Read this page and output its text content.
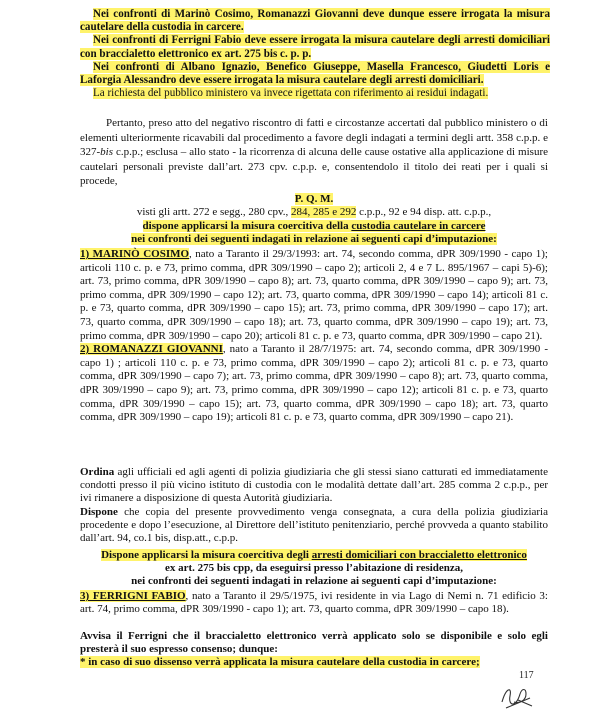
Nei confronti di Marinò Cosimo, Romanazzi Giovanni deve dunque essere irrogata la misura cautelare della custodia in carcere.

Nei confronti di Ferrigni Fabio deve essere irrogata la misura cautelare degli arresti domiciliari con braccialetto elettronico ex art. 275 bis c. p. p.

Nei confronti di Albano Ignazio, Benefico Giuseppe, Masella Francesco, Giudetti Loris e Laforgia Alessandro deve essere irrogata la misura cautelare degli arresti domiciliari.

La richiesta del pubblico ministero va invece rigettata con riferimento ai residui indagati.

Pertanto, preso atto del negativo riscontro di fatti e circostanze accertati dal pubblico ministero o di elementi ulteriormente ricavabili dal procedimento a favore degli indagati a termini degli artt. 358 c.p.p. e 327-bis c.p.p.; esclusa – allo stato - la ricorrenza di alcuna delle cause ostative alla applicazione di misure cautelari personali previste dall’art. 273 cpv. c.p.p. e, consentendolo il titolo dei reati per i quali si procede,

P. Q. M.
visti gli artt. 272 e segg., 280 cpv., 284, 285 e 292 c.p.p., 92 e 94 disp. att. c.p.p.,
dispone applicarsi la misura coercitiva della custodia cautelare in carcere
nei confronti dei seguenti indagati in relazione ai seguenti capi d’imputazione:

1) MARINÒ COSIMO, nato a Taranto il 29/3/1993: art. 74, secondo comma, dPR 309/1990 - capo 1); articoli 110 c. p. e 73, primo comma, dPR 309/1990 – capo 2); articoli 2, 4 e 7 L. 895/1967 – capi 5)-6); art. 73, primo comma, dPR 309/1990 – capo 8); art. 73, quarto comma, dPR 309/1990 – capo 9); art. 73, primo comma, dPR 309/1990 – capo 12); art. 73, quarto comma, dPR 309/1990 – capo 14); articoli 81 c. p. e 73, quarto comma, dPR 309/1990 – capo 15); art. 73, primo comma, dPR 309/1990 – capo 17); art. 73, quarto comma, dPR 309/1990 – capo 18); art. 73, quarto comma, dPR 309/1990 – capo 19); art. 73, primo comma, dPR 309/1990 – capo 20); articoli 81 c. p. e 73, quarto comma, dPR 309/1990 – capo 21).

2) ROMANAZZI GIOVANNI, nato a Taranto il 28/7/1975: art. 74, secondo comma, dPR 309/1990 - capo 1) ; articoli 110 c. p. e 73, primo comma, dPR 309/1990 – capo 2); articoli 81 c. p. e 73, quarto comma, dPR 309/1990 – capo 7); art. 73, primo comma, dPR 309/1990 – capo 8); art. 73, quarto comma, dPR 309/1990 – capo 9); art. 73, primo comma, dPR 309/1990 – capo 12); articoli 81 c. p. e 73, quarto comma, dPR 309/1990 – capo 15); art. 73, quarto comma, dPR 309/1990 – capo 18); art. 73, quarto comma, dPR 309/1990 – capo 19); articoli 81 c. p. e 73, quarto comma, dPR 309/1990 – capo 21).

Ordina agli ufficiali ed agli agenti di polizia giudiziaria che gli stessi siano catturati ed immediatamente condotti presso il più vicino istituto di custodia con le modalità dettate dall’art. 285 comma 2 c.p.p., per ivi rimanere a disposizione di questa Autorità giudiziaria.

Dispone che copia del presente provvedimento venga consegnata, a cura della polizia giudiziaria procedente e dopo l’esecuzione, al Direttore dell’istituto penitenziario, perché provveda a quanto stabilito dall’art. 94, co.1 bis, disp.att., c.p.p.

Dispone applicarsi la misura coercitiva degli arresti domiciliari con braccialetto elettronico
ex art. 275 bis cpp, da eseguirsi presso l’abitazione di residenza,
nei confronti dei seguenti indagati in relazione ai seguenti capi d’imputazione:

3) FERRIGNI FABIO, nato a Taranto il 29/5/1975, ivi residente in via Lago di Nemi n. 71 edificio 3: art. 74, primo comma, dPR 309/1990 - capo 1); art. 73, quarto comma, dPR 309/1990 – capo 18).

Avvisa il Ferrigni che il braccialetto elettronico verrà applicato solo se disponibile e solo egli presterà il suo espresso consenso; dunque:

* in caso di suo dissenso verrà applicata la misura cautelare della custodia in carcere;

117
